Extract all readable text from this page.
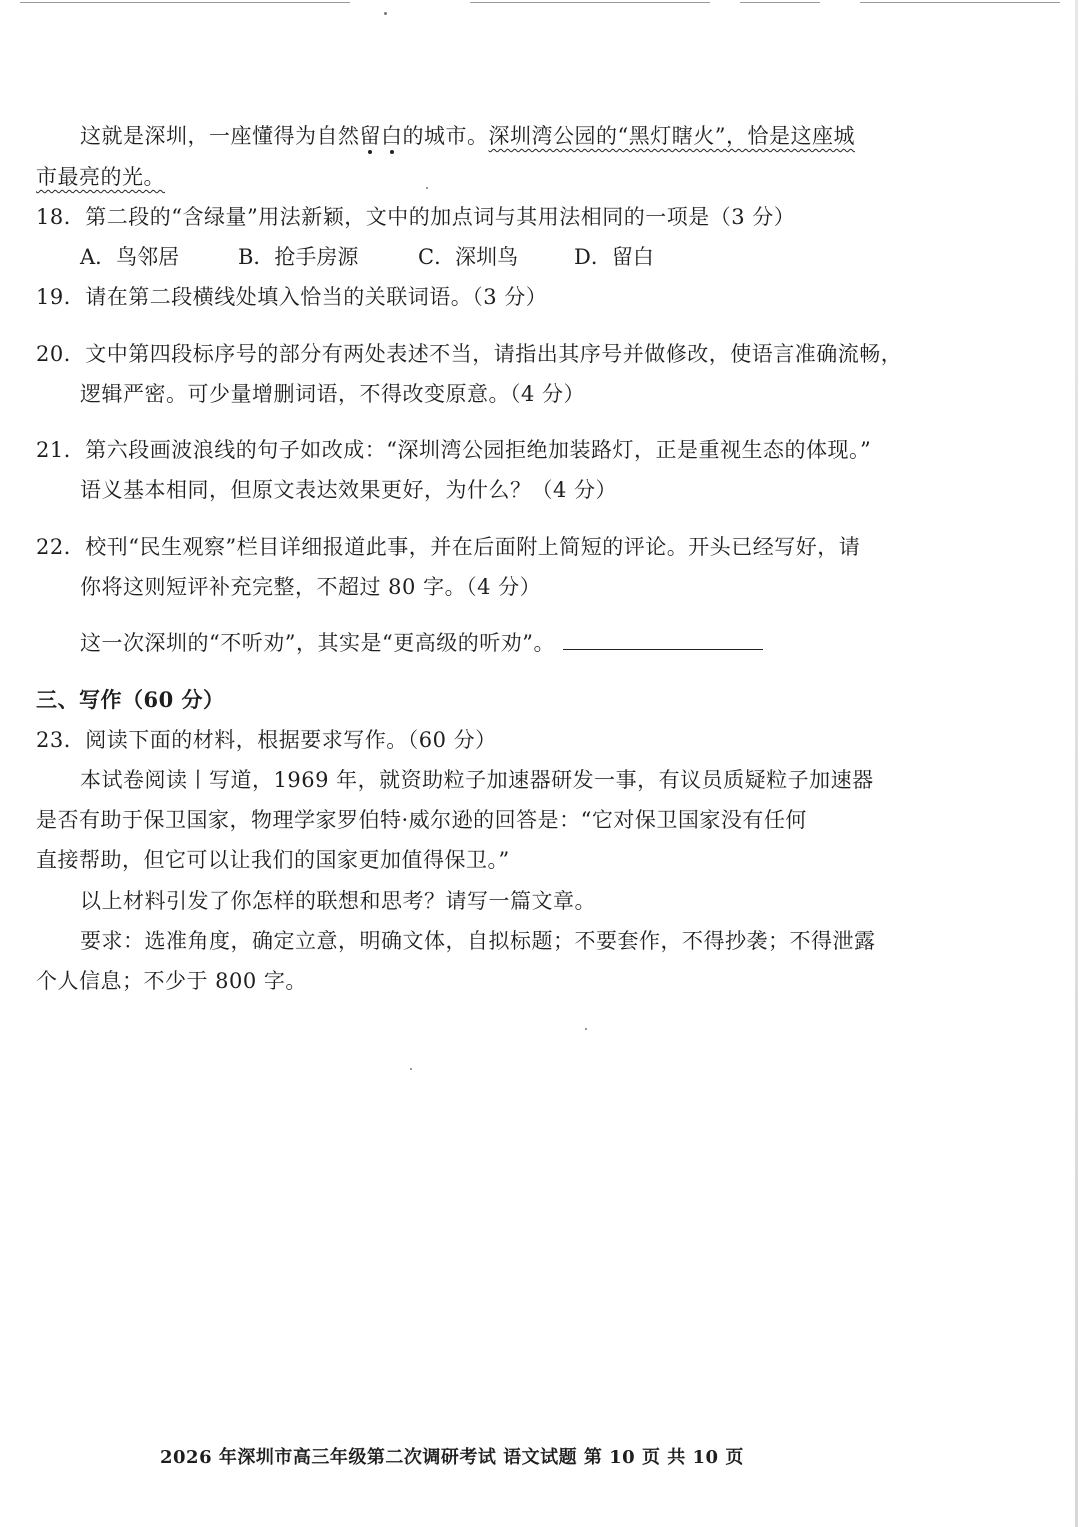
这就是深圳，一座懂得为自然留白的城市。深圳湾公园的“黑灯瞎火”，恰是这座城
市最亮的光。
18．第二段的“含绿量”用法新颖，文中的加点词与其用法相同的一项是（3 分）
A．鸟邻居	B．抢手房源	C．深圳鸟	D．留白
19．请在第二段横线处填入恰当的关联词语。（3 分）
20．文中第四段标序号的部分有两处表述不当，请指出其序号并做修改，使语言准确流畅，
逻辑严密。可少量增删词语，不得改变原意。（4 分）
21．第六段画波浪线的句子如改成：“深圳湾公园拒绝加装路灯，正是重视生态的体现。”
语义基本相同，但原文表达效果更好，为什么？（4 分）
22．校刊“民生观察”栏目详细报道此事，并在后面附上简短的评论。开头已经写好，请
你将这则短评补充完整，不超过 80 字。（4 分）
这一次深圳的“不听劝”，其实是“更高级的听劝”。
三、写作（60 分）
23．阅读下面的材料，根据要求写作。（60 分）
本试卷阅读丨写道，1969 年，就资助粒子加速器研发一事，有议员质疑粒子加速器
是否有助于保卫国家，物理学家罗伯特·威尔逊的回答是：“它对保卫国家没有任何
直接帮助，但它可以让我们的国家更加值得保卫。”
以上材料引发了你怎样的联想和思考？请写一篇文章。
要求：选准角度，确定立意，明确文体，自拟标题；不要套作，不得抄袭；不得泄露
个人信息；不少于 800 字。
2026 年深圳市高三年级第二次调研考试 语文试题 第 10 页 共 10 页
